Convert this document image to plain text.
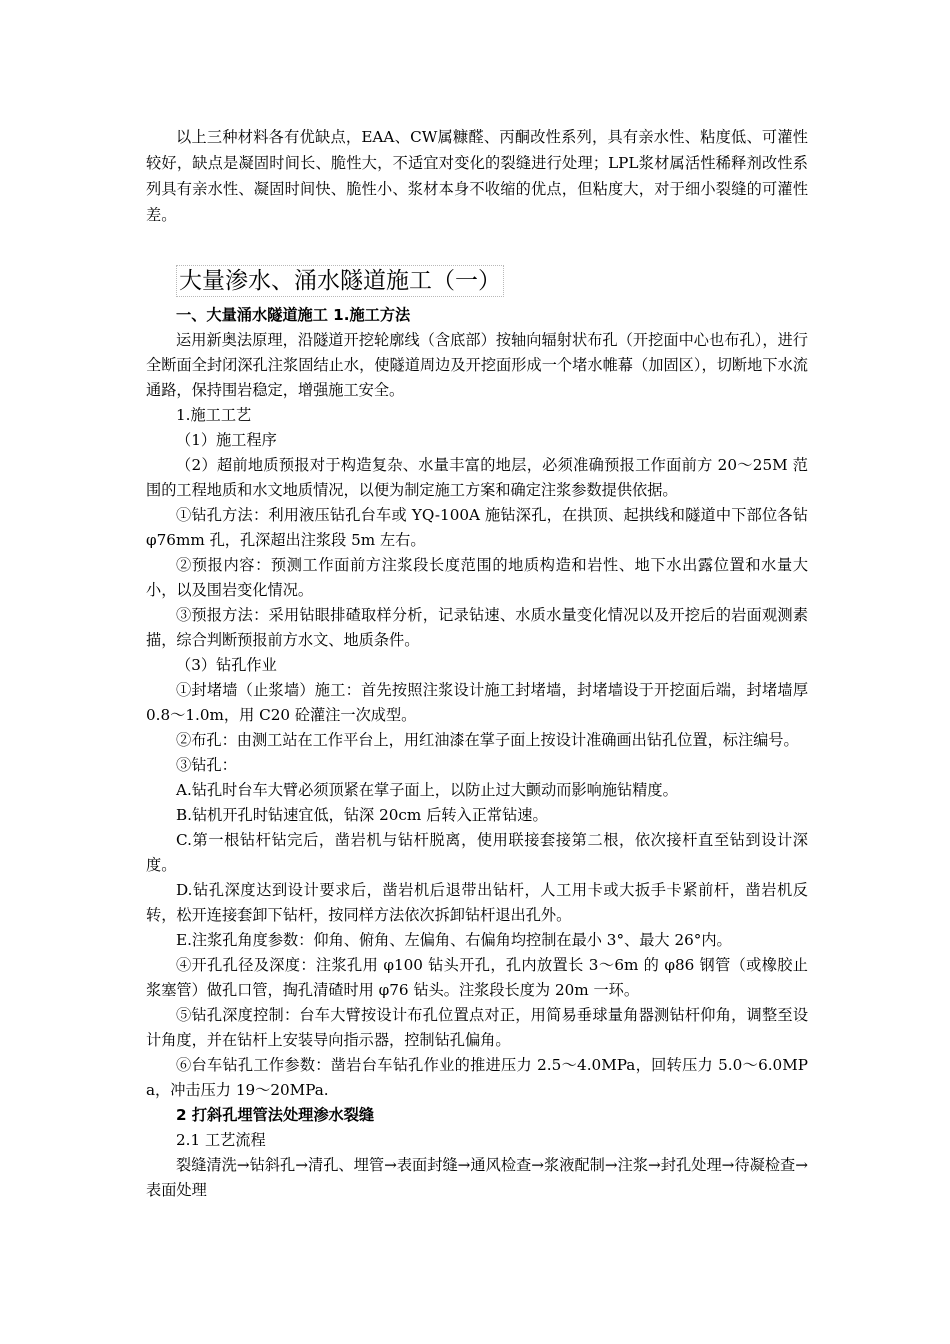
以上三种材料各有优缺点，EAA、CW属糠醛、丙酮改性系列，具有亲水性、粘度低、可灌性较好，缺点是凝固时间长、脆性大，不适宜对变化的裂缝进行处理；LPL浆材属活性稀释剂改性系列具有亲水性、凝固时间快、脆性小、浆材本身不收缩的优点，但粘度大，对于细小裂缝的可灌性差。

大量渗水、涌水隧道施工（一）

一、大量涌水隧道施工 1.施工方法

运用新奥法原理，沿隧道开挖轮廓线（含底部）按轴向辐射状布孔（开挖面中心也布孔），进行全断面全封闭深孔注浆固结止水，使隧道周边及开挖面形成一个堵水帷幕（加固区），切断地下水流通路，保持围岩稳定，增强施工安全。

1.施工工艺

（1）施工程序

（2）超前地质预报对于构造复杂、水量丰富的地层，必须准确预报工作面前方 20～25M 范围的工程地质和水文地质情况，以便为制定施工方案和确定注浆参数提供依据。

①钻孔方法：利用液压钻孔台车或 YQ-100A 施钻深孔，在拱顶、起拱线和隧道中下部位各钻 φ76mm 孔，孔深超出注浆段 5m 左右。

②预报内容：预测工作面前方注浆段长度范围的地质构造和岩性、地下水出露位置和水量大小，以及围岩变化情况。

③预报方法：采用钻眼排碴取样分析，记录钻速、水质水量变化情况以及开挖后的岩面观测素描，综合判断预报前方水文、地质条件。

（3）钻孔作业

①封堵墙（止浆墙）施工：首先按照注浆设计施工封堵墙，封堵墙设于开挖面后端，封堵墙厚 0.8～1.0m，用 C20 砼灌注一次成型。

②布孔：由测工站在工作平台上，用红油漆在掌子面上按设计准确画出钻孔位置，标注编号。

③钻孔：

A.钻孔时台车大臂必须顶紧在掌子面上，以防止过大颤动而影响施钻精度。

B.钻机开孔时钻速宜低，钻深 20cm 后转入正常钻速。

C.第一根钻杆钻完后，凿岩机与钻杆脱离，使用联接套接第二根，依次接杆直至钻到设计深度。

D.钻孔深度达到设计要求后，凿岩机后退带出钻杆，人工用卡或大扳手卡紧前杆，凿岩机反转，松开连接套卸下钻杆，按同样方法依次拆卸钻杆退出孔外。

E.注浆孔角度参数：仰角、俯角、左偏角、右偏角均控制在最小 3°、最大 26°内。

④开孔孔径及深度：注浆孔用 φ100 钻头开孔，孔内放置长 3～6m 的 φ86 钢管（或橡胶止浆塞管）做孔口管，掏孔清碴时用 φ76 钻头。注浆段长度为 20m 一环。

⑤钻孔深度控制：台车大臂按设计布孔位置点对正，用简易垂球量角器测钻杆仰角，调整至设计角度，并在钻杆上安装导向指示器，控制钻孔偏角。

⑥台车钻孔工作参数：凿岩台车钻孔作业的推进压力 2.5～4.0MPa，回转压力 5.0～6.0MPa，冲击压力 19～20MPa.

2 打斜孔埋管法处理渗水裂缝

2.1 工艺流程

裂缝清洗→钻斜孔→清孔、埋管→表面封缝→通风检查→浆液配制→注浆→封孔处理→待凝检查→表面处理
